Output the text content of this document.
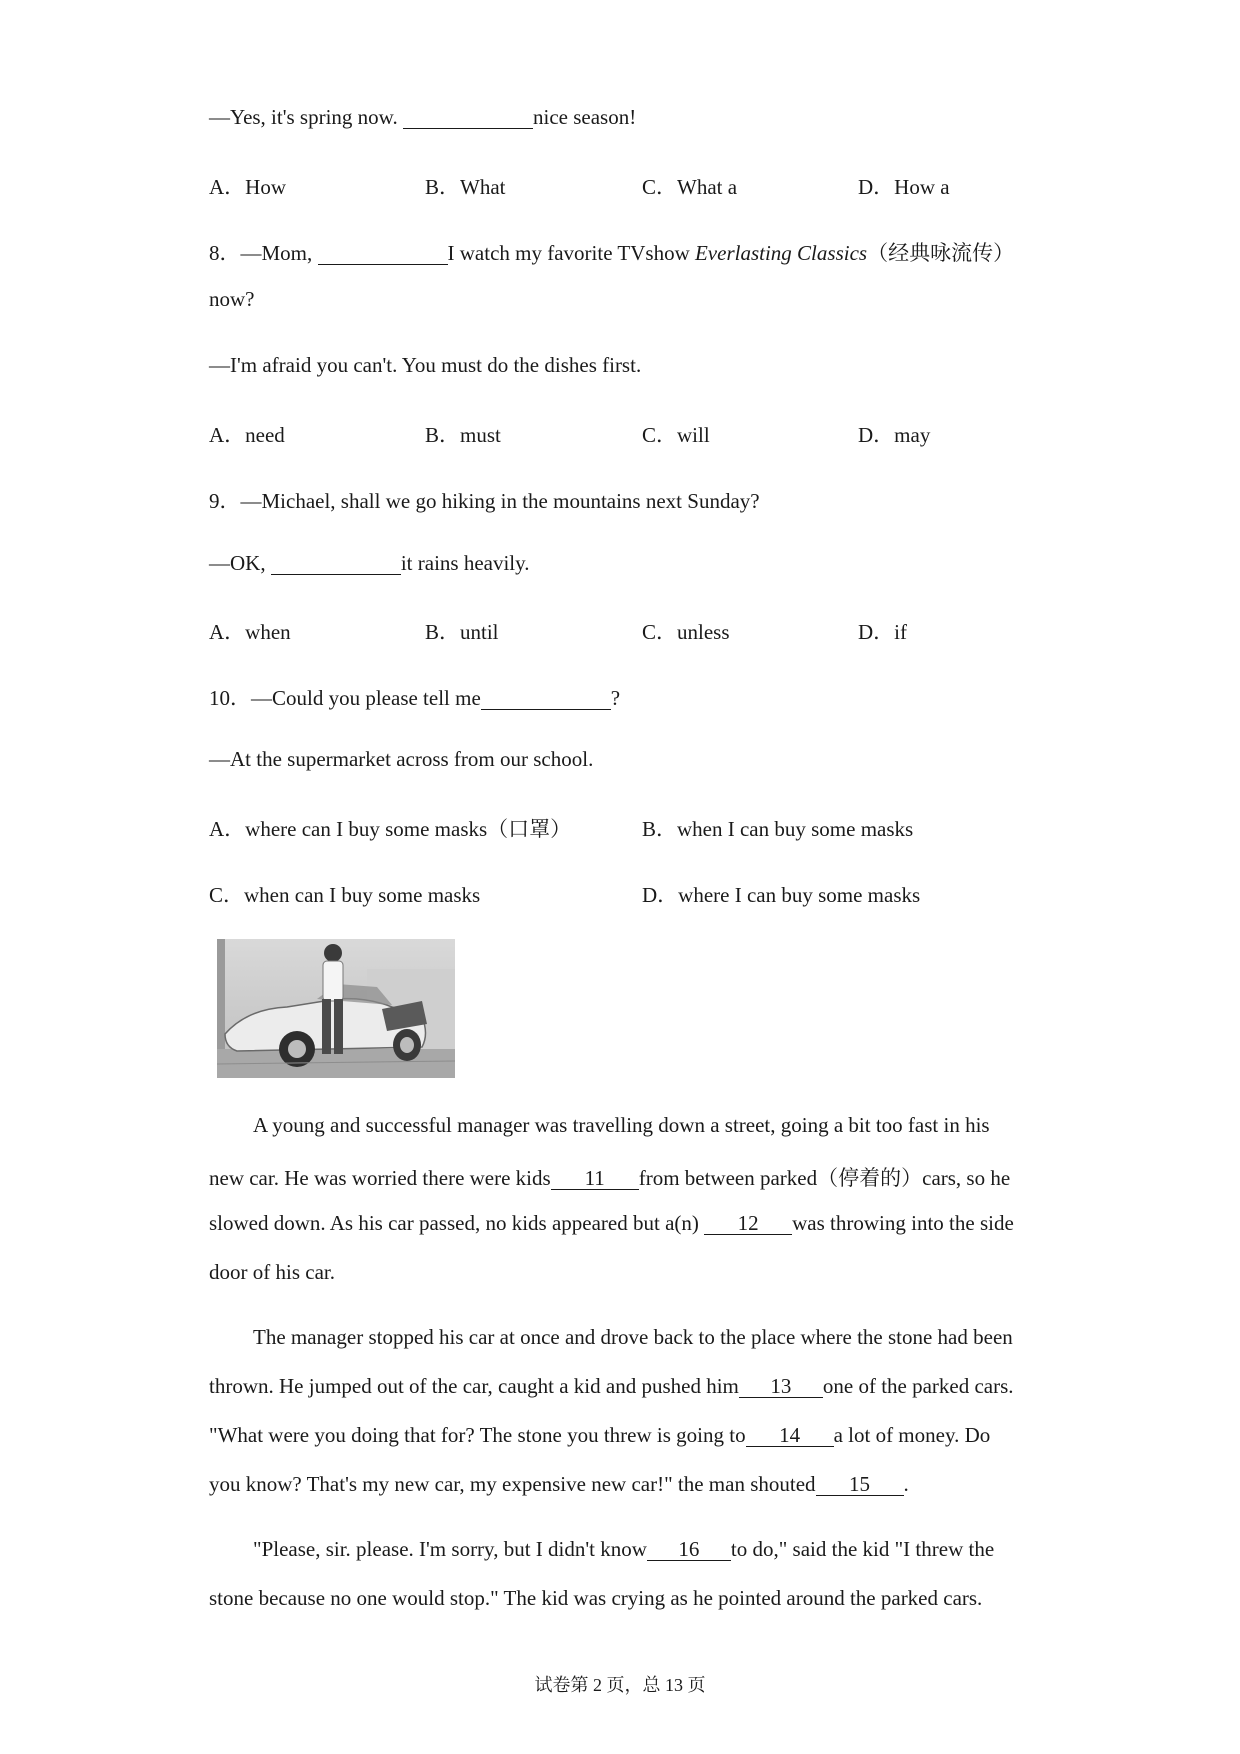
—Yes, it's spring now.	nice season!
A．How	B．What	C．What a	D．How a
8．—Mom,	I watch my favorite TVshow Everlasting Classics（经典咏流传）
now?
—I'm afraid you can't. You must do the dishes first.
A．need	B．must	C．will	D．may
9．—Michael, shall we go hiking in the mountains next Sunday?
—OK,	it rains heavily.
A．when	B．until	C．unless	D．if
10．—Could you please tell me	?
—At the supermarket across from our school.
A．where can I buy some masks（口罩）	B．when I can buy some masks
C．when can I buy some masks	D．where I can buy some masks
A young and successful manager was travelling down a street, going a bit too fast in his
new car. He was worried there were kids 11 from between parked（停着的）cars, so he
slowed down. As his car passed, no kids appeared but a(n) 12 was throwing into the side
door of his car.
The manager stopped his car at once and drove back to the place where the stone had been
thrown. He jumped out of the car, caught a kid and pushed him 13 one of the parked cars.
"What were you doing that for? The stone you threw is going to 14 a lot of money. Do
you know? That's my new car, my expensive new car!" the man shouted 15 .
"Please, sir. please. I'm sorry, but I didn't know 16 to do," said the kid "I threw the
stone because no one would stop." The kid was crying as he pointed around the parked cars.
试卷第 2 页，总 13 页
